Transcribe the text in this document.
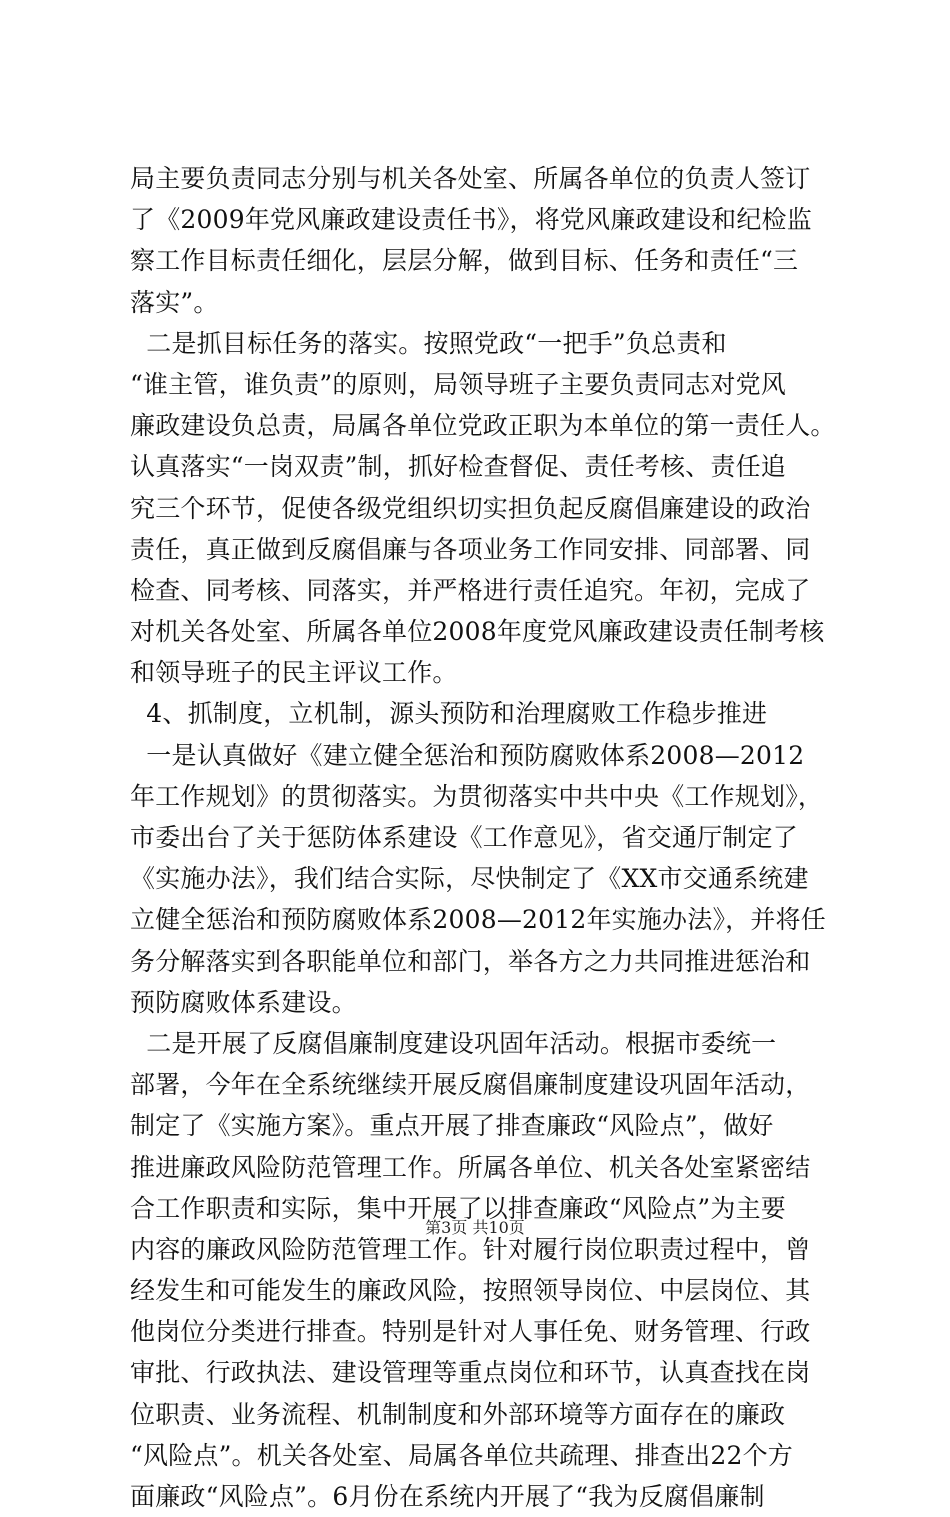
局主要负责同志分别与机关各处室、所属各单位的负责人签订
了《2009年党风廉政建设责任书》，将党风廉政建设和纪检监
察工作目标责任细化，层层分解，做到目标、任务和责任“三
落实”。
二是抓目标任务的落实。按照党政“一把手”负总责和
“谁主管，谁负责”的原则，局领导班子主要负责同志对党风
廉政建设负总责，局属各单位党政正职为本单位的第一责任人。
认真落实“一岗双责”制，抓好检查督促、责任考核、责任追
究三个环节，促使各级党组织切实担负起反腐倡廉建设的政治
责任，真正做到反腐倡廉与各项业务工作同安排、同部署、同
检查、同考核、同落实，并严格进行责任追究。年初，完成了
对机关各处室、所属各单位2008年度党风廉政建设责任制考核
和领导班子的民主评议工作。
4、抓制度，立机制，源头预防和治理腐败工作稳步推进
一是认真做好《建立健全惩治和预防腐败体系2008—2012
年工作规划》的贯彻落实。为贯彻落实中共中央《工作规划》，
市委出台了关于惩防体系建设《工作意见》，省交通厅制定了
《实施办法》，我们结合实际，尽快制定了《XX市交通系统建
立健全惩治和预防腐败体系2008—2012年实施办法》，并将任
务分解落实到各职能单位和部门，举各方之力共同推进惩治和
预防腐败体系建设。
二是开展了反腐倡廉制度建设巩固年活动。根据市委统一
部署，今年在全系统继续开展反腐倡廉制度建设巩固年活动，
制定了《实施方案》。重点开展了排查廉政“风险点”，做好
推进廉政风险防范管理工作。所属各单位、机关各处室紧密结
合工作职责和实际，集中开展了以排查廉政“风险点”为主要
内容的廉政风险防范管理工作。针对履行岗位职责过程中，曾
经发生和可能发生的廉政风险，按照领导岗位、中层岗位、其
他岗位分类进行排查。特别是针对人事任免、财务管理、行政
审批、行政执法、建设管理等重点岗位和环节，认真查找在岗
位职责、业务流程、机制制度和外部环境等方面存在的廉政
“风险点”。机关各处室、局属各单位共疏理、排查出22个方
面廉政“风险点”。6月份在系统内开展了“我为反腐倡廉制
第3页 共10页
